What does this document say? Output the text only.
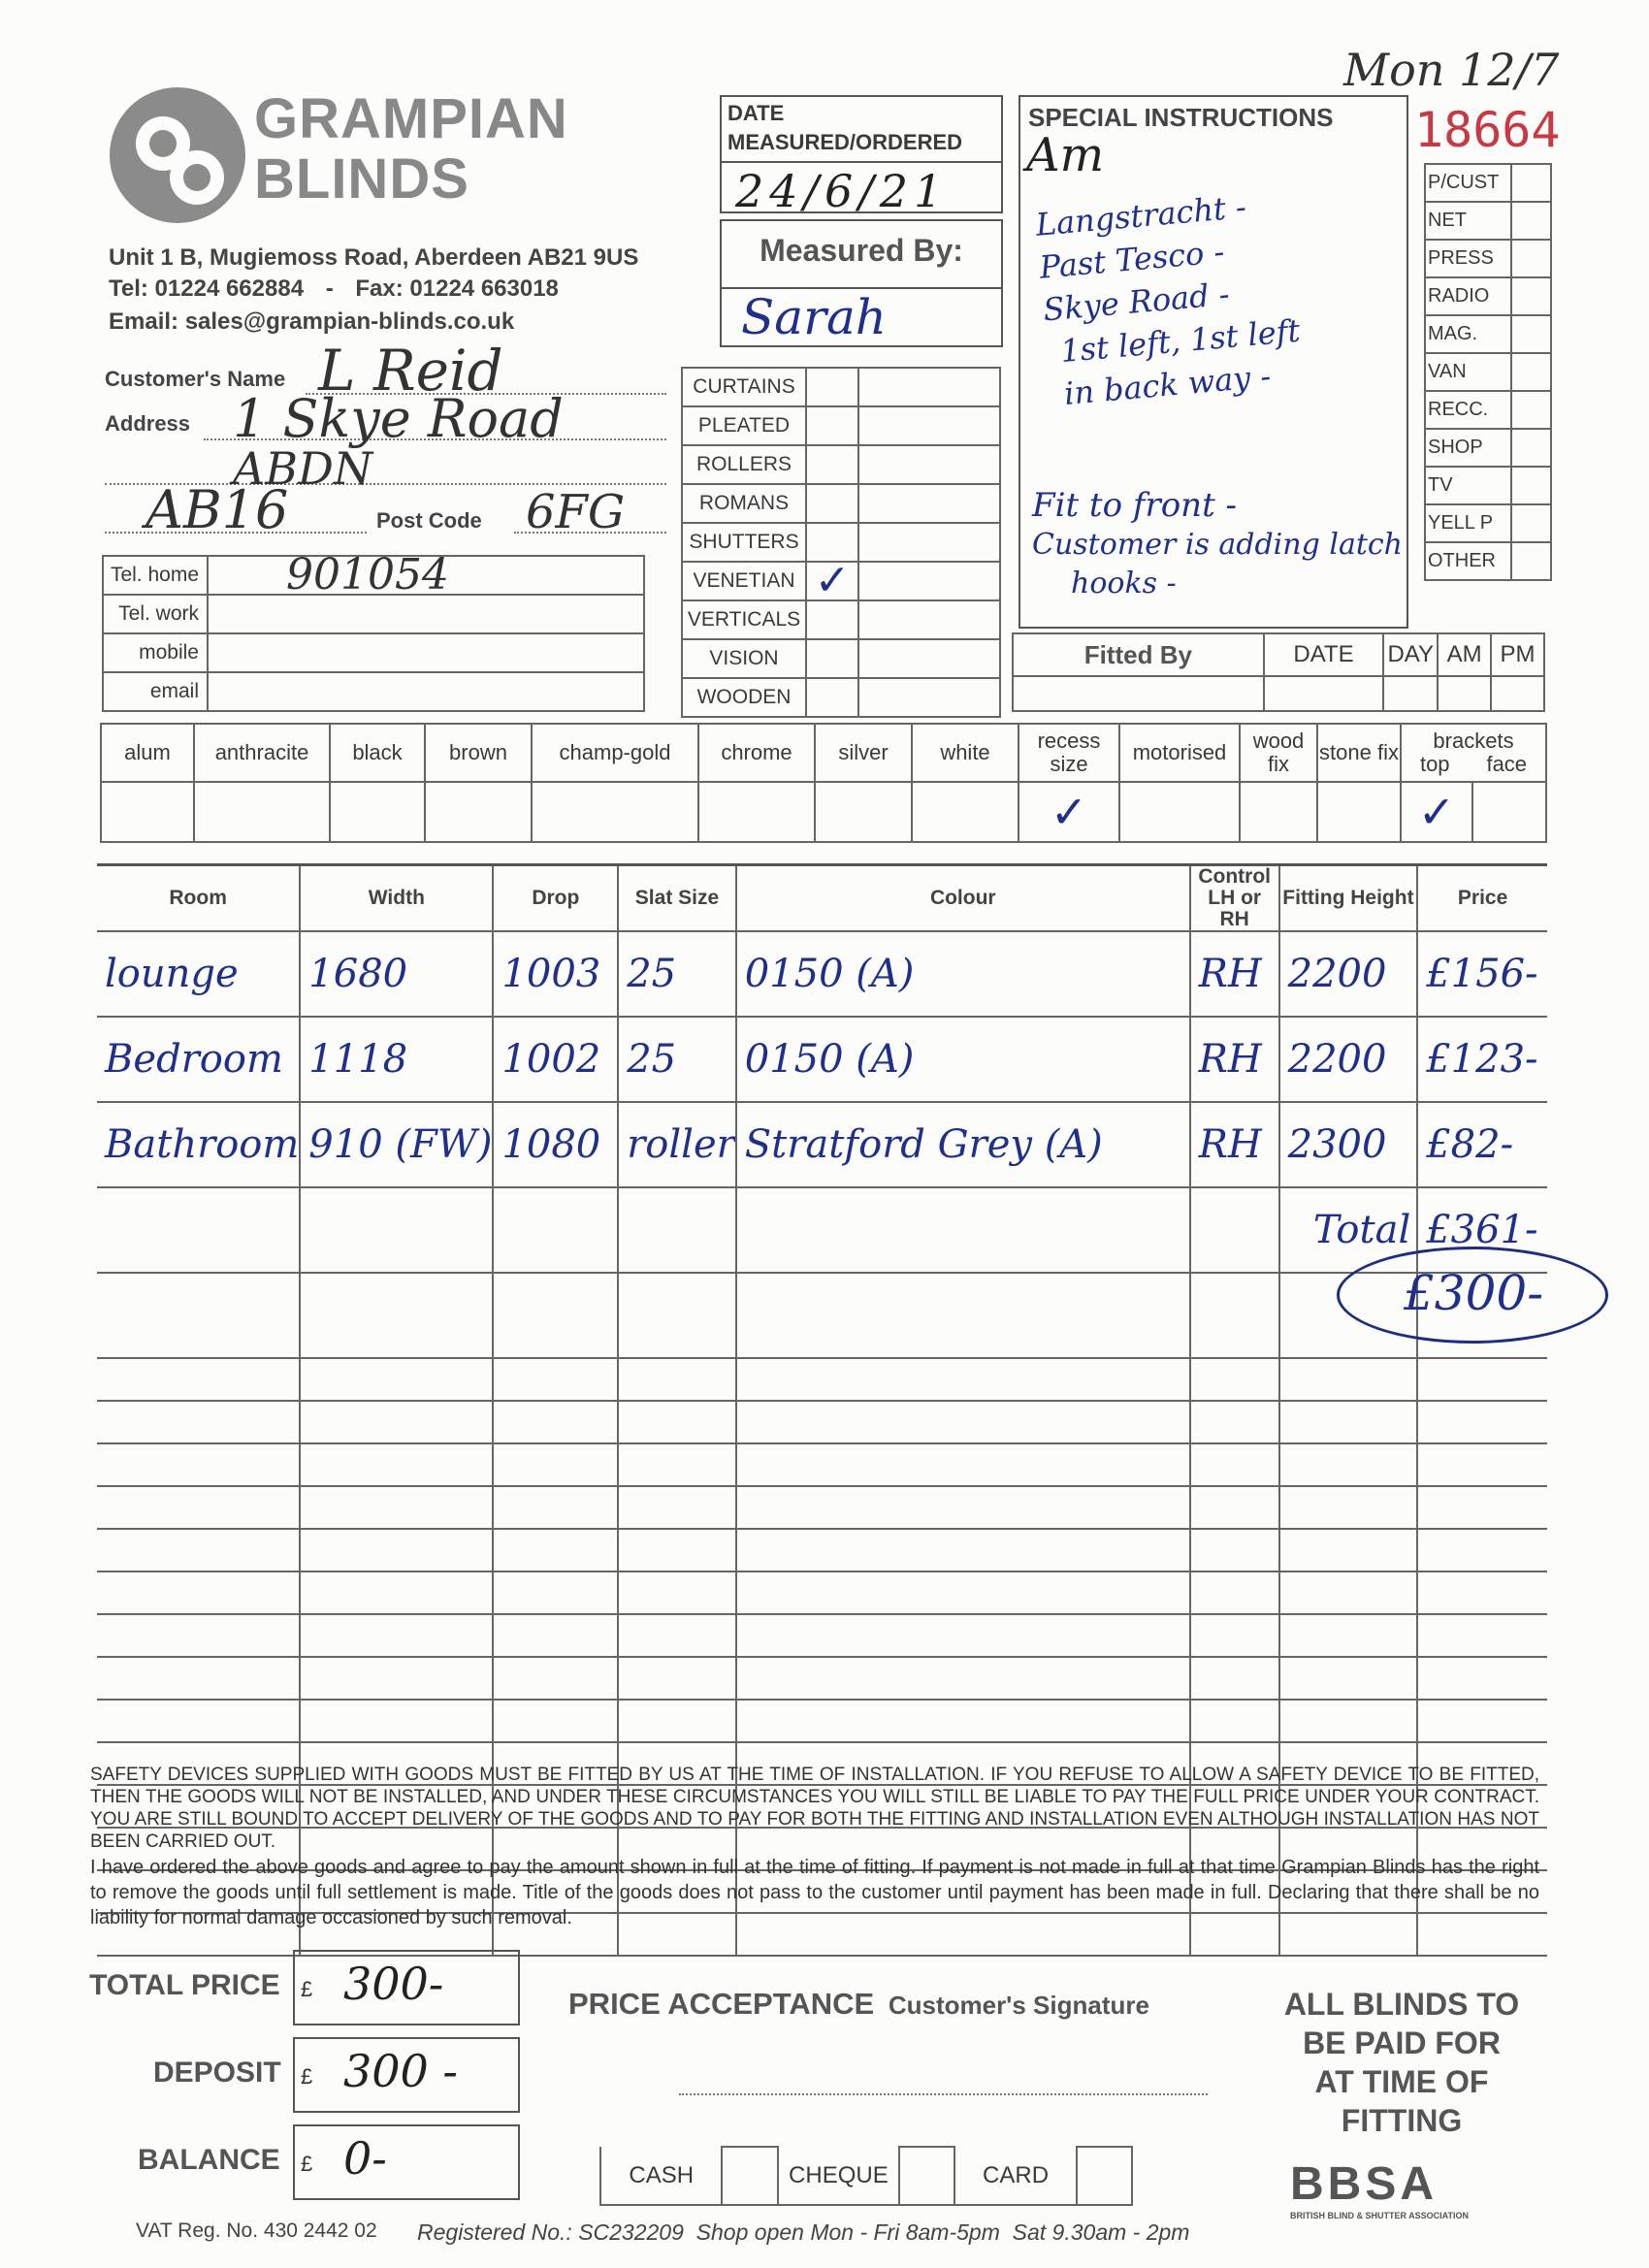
Mon 12/7
18664
GRAMPIAN
BLINDS
Unit 1 B, Mugiemoss Road, Aberdeen AB21 9US
Tel: 01224 662884 - Fax: 01224 663018
Email: sales@grampian-blinds.co.uk
DATE
MEASURED/ORDERED
24/6/21
Measured By:
Sarah
SPECIAL INSTRUCTIONS
Am
Langstracht -
Past Tesco -
Skye Road -
1st left, 1st left
in back way -
Fit to front -
Customer is adding latch
hooks -
P/CUST	
NET	
PRESS	
RADIO	
MAG.	
VAN	
RECC.	
SHOP	
TV	
YELL P	
OTHER	
Customer's Name L Reid
Address 1 Skye Road
ABDN
AB16	Post Code 6FG
Tel. home	901054
Tel. work	
mobile	
email	
CURTAINS		
PLEATED		
ROLLERS		
ROMANS		
SHUTTERS		
VENETIAN	✓	
VERTICALS		
VISION		
WOODEN		
Fitted By	DATE	DAY	AM	PM

alum	anthracite	black	brown	champ-gold	chrome	silver	white	recess size	motorised	wood fix	stone fix	brackets
top face	

								✓				✓	
Room	Width	Drop	Slat Size	Colour	Control LH or RH	Fitting Height	Price
lounge	1680	1003	25	0150 (A)	RH	2200	£156-
Bedroom	1118	1002	25	0150 (A)	RH	2200	£123-
Bathroom	910 (FW)	1080	roller	Stratford Grey (A)	RH	2300	£82-
						Total	£361-

£300-
SAFETY DEVICES SUPPLIED WITH GOODS MUST BE FITTED BY US AT THE TIME OF INSTALLATION. IF YOU REFUSE TO ALLOW A SAFETY DEVICE TO BE FITTED, THEN THE GOODS WILL NOT BE INSTALLED, AND UNDER THESE CIRCUMSTANCES YOU WILL STILL BE LIABLE TO PAY THE FULL PRICE UNDER YOUR CONTRACT. YOU ARE STILL BOUND TO ACCEPT DELIVERY OF THE GOODS AND TO PAY FOR BOTH THE FITTING AND INSTALLATION EVEN ALTHOUGH INSTALLATION HAS NOT BEEN CARRIED OUT.
I have ordered the above goods and agree to pay the amount shown in full at the time of fitting. If payment is not made in full at that time Grampian Blinds has the right to remove the goods until full settlement is made. Title of the goods does not pass to the customer until payment has been made in full. Declaring that there shall be no liability for normal damage occasioned by such removal.
TOTAL PRICE £ 300-
DEPOSIT £ 300 -
BALANCE £ 0-
PRICE ACCEPTANCE Customer's Signature
CASH		CHEQUE		CARD	
ALL BLINDS TO
BE PAID FOR
AT TIME OF
FITTING
BBSA
BRITISH BLIND & SHUTTER ASSOCIATION
VAT Reg. No. 430 2442 02 Registered No.: SC232209  Shop open Mon - Fri 8am-5pm  Sat 9.30am - 2pm
